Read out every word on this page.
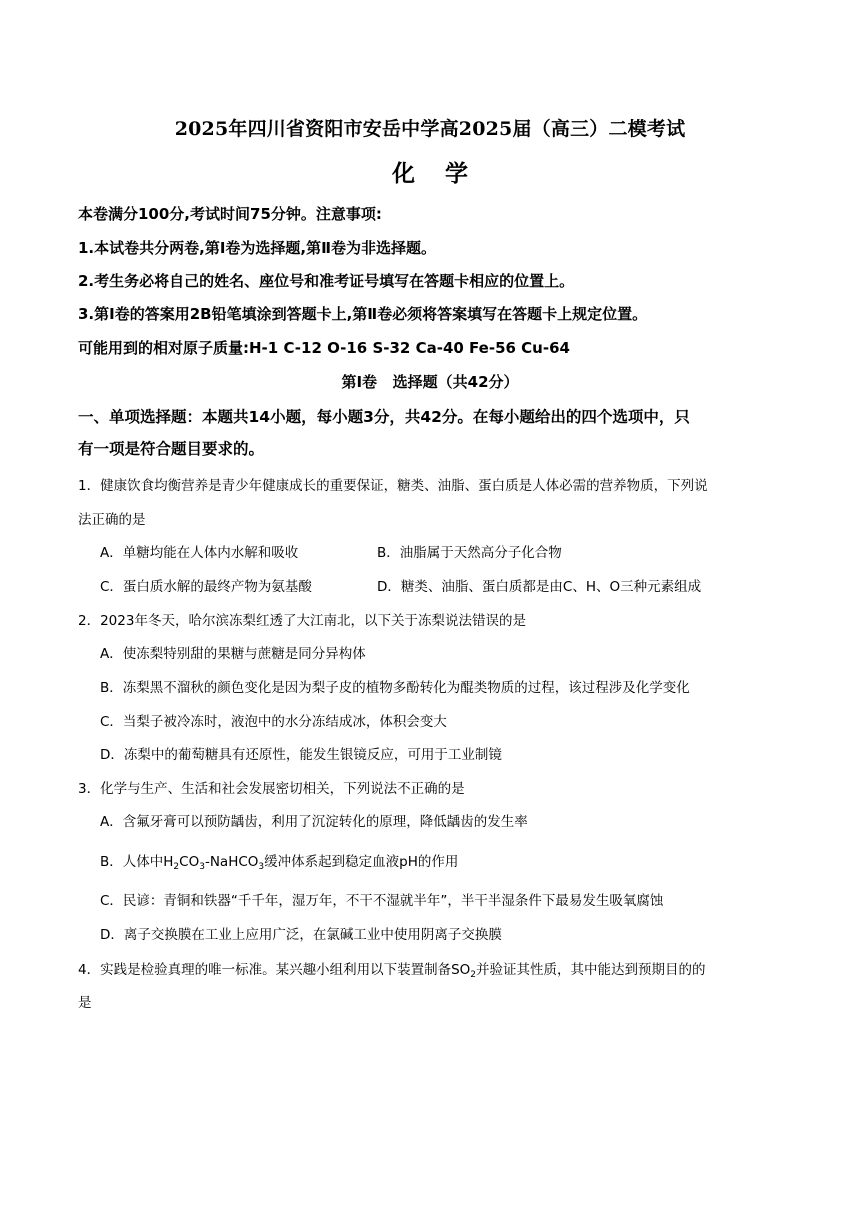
2025年四川省资阳市安岳中学高2025届（高三）二模考试
化学
本卷满分100分,考试时间75分钟。注意事项:
1.本试卷共分两卷,第Ⅰ卷为选择题,第Ⅱ卷为非选择题。
2.考生务必将自己的姓名、座位号和准考证号填写在答题卡相应的位置上。
3.第Ⅰ卷的答案用2B铅笔填涂到答题卡上,第Ⅱ卷必须将答案填写在答题卡上规定位置。
可能用到的相对原子质量:H-1 C-12 O-16 S-32 Ca-40 Fe-56 Cu-64
第Ⅰ卷   选择题（共42分）
一、单项选择题：本题共14小题，每小题3分，共42分。在每小题给出的四个选项中，只
有一项是符合题目要求的。
1．健康饮食均衡营养是青少年健康成长的重要保证，糖类、油脂、蛋白质是人体必需的营养物质，下列说
法正确的是
A．单糖均能在人体内水解和吸收	B．油脂属于天然高分子化合物
C．蛋白质水解的最终产物为氨基酸	D．糖类、油脂、蛋白质都是由C、H、O三种元素组成
2．2023年冬天，哈尔滨冻梨红透了大江南北，以下关于冻梨说法错误的是
A．使冻梨特别甜的果糖与蔗糖是同分异构体
B．冻梨黑不溜秋的颜色变化是因为梨子皮的植物多酚转化为醌类物质的过程，该过程涉及化学变化
C．当梨子被冷冻时，液泡中的水分冻结成冰，体积会变大
D．冻梨中的葡萄糖具有还原性，能发生银镜反应，可用于工业制镜
3．化学与生产、生活和社会发展密切相关，下列说法不正确的是
A．含氟牙膏可以预防龋齿，利用了沉淀转化的原理，降低龋齿的发生率
B．人体中$H_2CO_3-NaHCO_3$缓冲体系起到稳定血液pH的作用
C．民谚：青铜和铁器“千千年，湿万年，不干不湿就半年”，半干半湿条件下最易发生吸氧腐蚀
D．离子交换膜在工业上应用广泛，在氯碱工业中使用阴离子交换膜
4．实践是检验真理的唯一标准。某兴趣小组利用以下装置制备$SO_2$并验证其性质，其中能达到预期目的的
是
